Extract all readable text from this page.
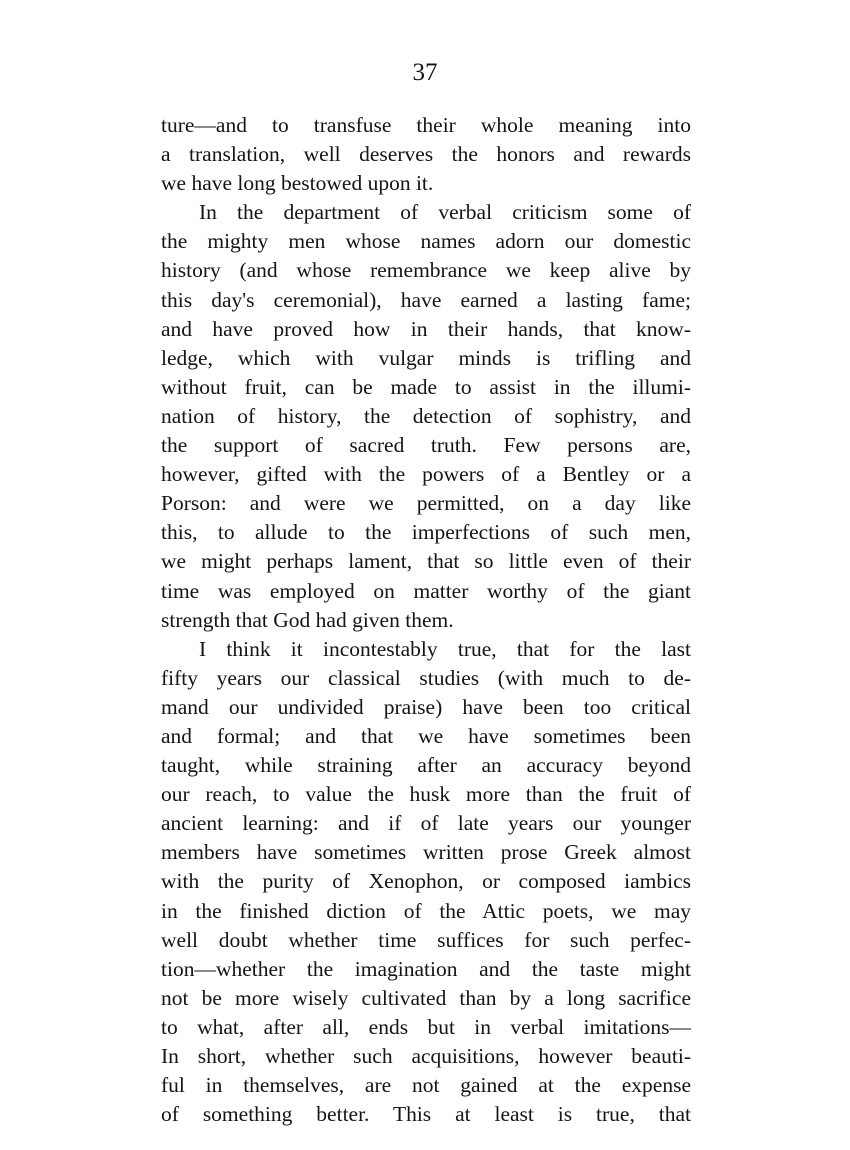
37
ture—and to transfuse their whole meaning into
a translation, well deserves the honors and rewards
we have long bestowed upon it.
In the department of verbal criticism some of
the mighty men whose names adorn our domestic
history (and whose remembrance we keep alive by
this day's ceremonial), have earned a lasting fame;
and have proved how in their hands, that know-
ledge, which with vulgar minds is trifling and
without fruit, can be made to assist in the illumi-
nation of history, the detection of sophistry, and
the support of sacred truth. Few persons are,
however, gifted with the powers of a Bentley or a
Porson: and were we permitted, on a day like
this, to allude to the imperfections of such men,
we might perhaps lament, that so little even of their
time was employed on matter worthy of the giant
strength that God had given them.
I think it incontestably true, that for the last
fifty years our classical studies (with much to de-
mand our undivided praise) have been too critical
and formal; and that we have sometimes been
taught, while straining after an accuracy beyond
our reach, to value the husk more than the fruit of
ancient learning: and if of late years our younger
members have sometimes written prose Greek almost
with the purity of Xenophon, or composed iambics
in the finished diction of the Attic poets, we may
well doubt whether time suffices for such perfec-
tion—whether the imagination and the taste might
not be more wisely cultivated than by a long sacrifice
to what, after all, ends but in verbal imitations—
In short, whether such acquisitions, however beauti-
ful in themselves, are not gained at the expense
of something better. This at least is true, that
